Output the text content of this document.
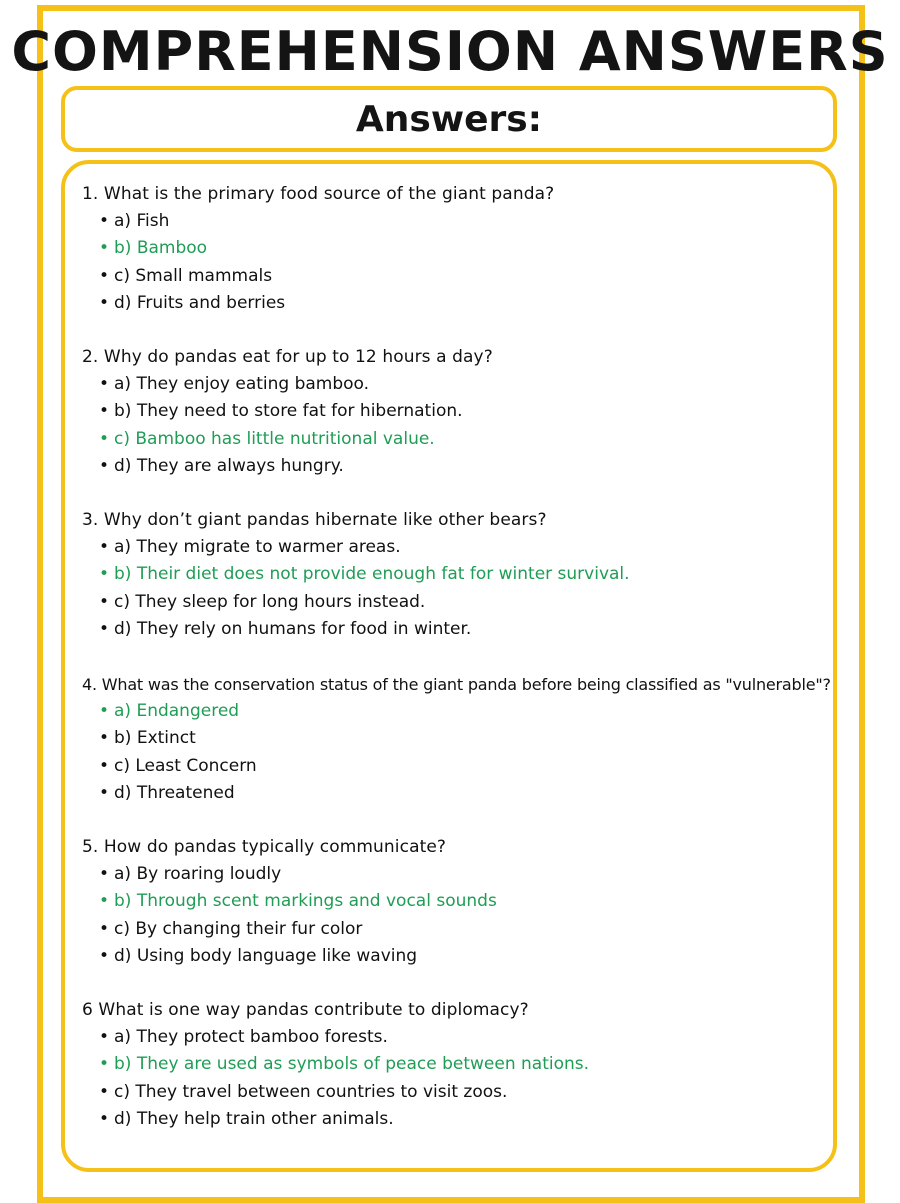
COMPREHENSION ANSWERS
Answers:

1. What is the primary food source of the giant panda?

• a) Fish
• b) Bamboo
• c) Small mammals
• d) Fruits and berries

2. Why do pandas eat for up to 12 hours a day?

• a) They enjoy eating bamboo.
• b) They need to store fat for hibernation.
• c) Bamboo has little nutritional value.
• d) They are always hungry.

3. Why don’t giant pandas hibernate like other bears?

• a) They migrate to warmer areas.
• b) Their diet does not provide enough fat for winter survival.
• c) They sleep for long hours instead.
• d) They rely on humans for food in winter.

4. What was the conservation status of the giant panda before being classified as "vulnerable"?

• a) Endangered
• b) Extinct
• c) Least Concern
• d) Threatened

5. How do pandas typically communicate?

• a) By roaring loudly
• b) Through scent markings and vocal sounds
• c) By changing their fur color
• d) Using body language like waving

6 What is one way pandas contribute to diplomacy?

• a) They protect bamboo forests.
• b) They are used as symbols of peace between nations.
• c) They travel between countries to visit zoos.
• d) They help train other animals.
